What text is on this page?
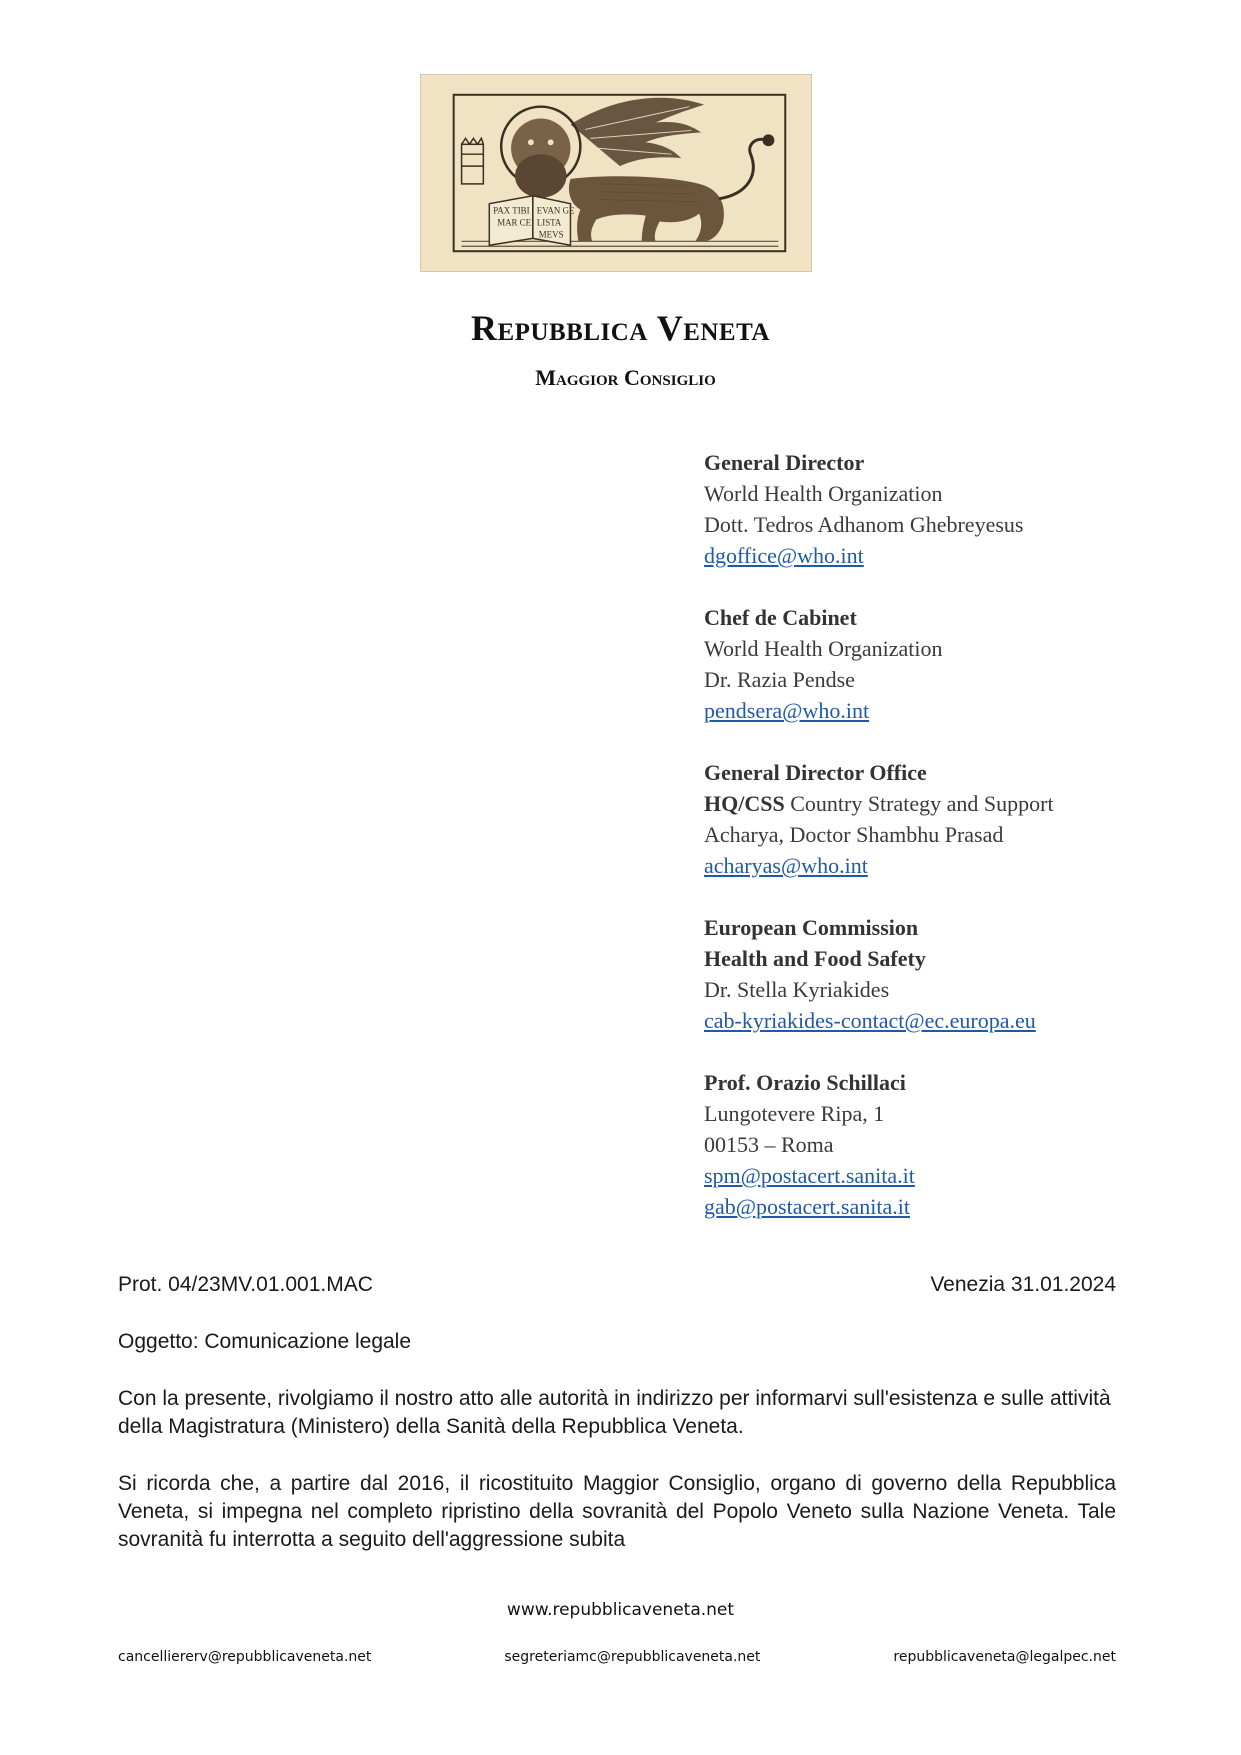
PAX TIBI
MAR CE
EVAN GE
LISTA
MEVS
Repubblica Veneta
Maggior Consiglio
General Director
World Health Organization
Dott. Tedros Adhanom Ghebreyesus
dgoffice@who.int
Chef de Cabinet
World Health Organization
Dr. Razia Pendse
pendsera@who.int
General Director Office
HQ/CSS Country Strategy and Support
Acharya, Doctor Shambhu Prasad
acharyas@who.int
European Commission
Health and Food Safety
Dr. Stella Kyriakides
cab-kyriakides-contact@ec.europa.eu
Prof. Orazio Schillaci
Lungotevere Ripa, 1
00153 – Roma
spm@postacert.sanita.it
gab@postacert.sanita.it
Prot. 04/23MV.01.001.MAC	Venezia 31.01.2024
Oggetto: Comunicazione legale
Con la presente, rivolgiamo il nostro atto alle autorità in indirizzo per informarvi sull'esistenza e sulle attività della Magistratura (Ministero) della Sanità della Repubblica Veneta.
Si ricorda che, a partire dal 2016, il ricostituito Maggior Consiglio, organo di governo della Repubblica Veneta, si impegna nel completo ripristino della sovranità del Popolo Veneto sulla Nazione Veneta. Tale sovranità fu interrotta a seguito dell'aggressione subita
www.repubblicaveneta.net
cancelliererv@repubblicaveneta.net	segreteriamc@repubblicaveneta.net	repubblicaveneta@legalpec.net
